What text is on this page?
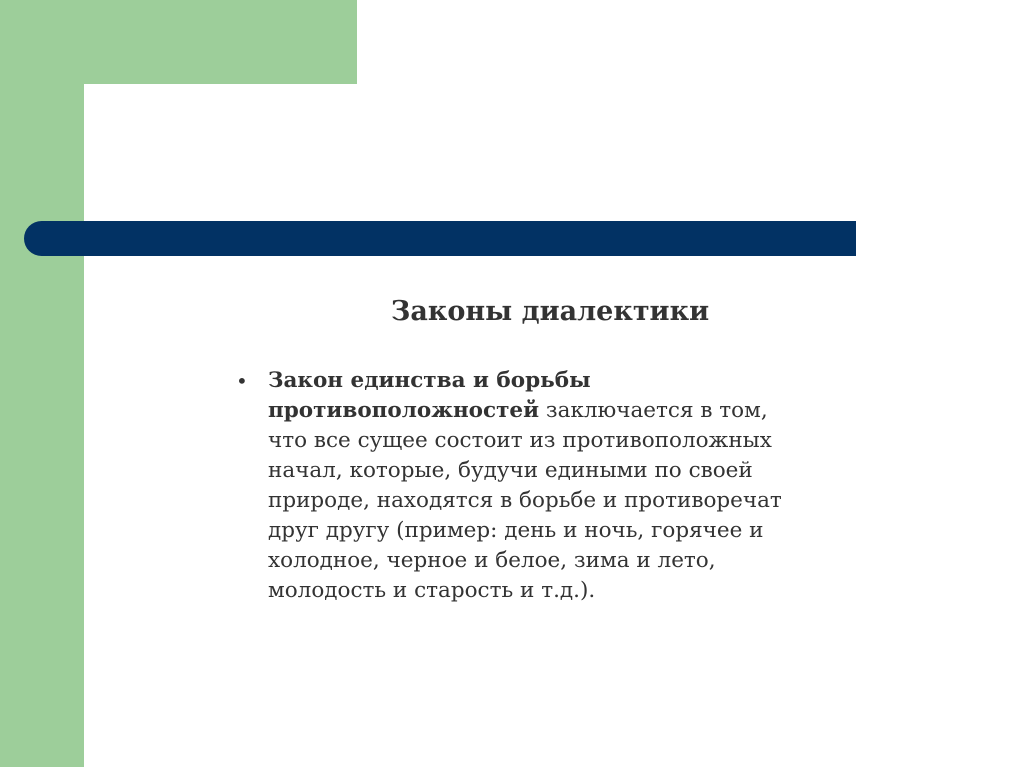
Законы диалектики
• Закон единства и борьбы
противоположностей заключается в том,
что все сущее состоит из противоположных
начал, которые, будучи едиными по своей
природе, находятся в борьбе и противоречат
друг другу (пример: день и ночь, горячее и
холодное, черное и белое, зима и лето,
молодость и старость и т.д.).
